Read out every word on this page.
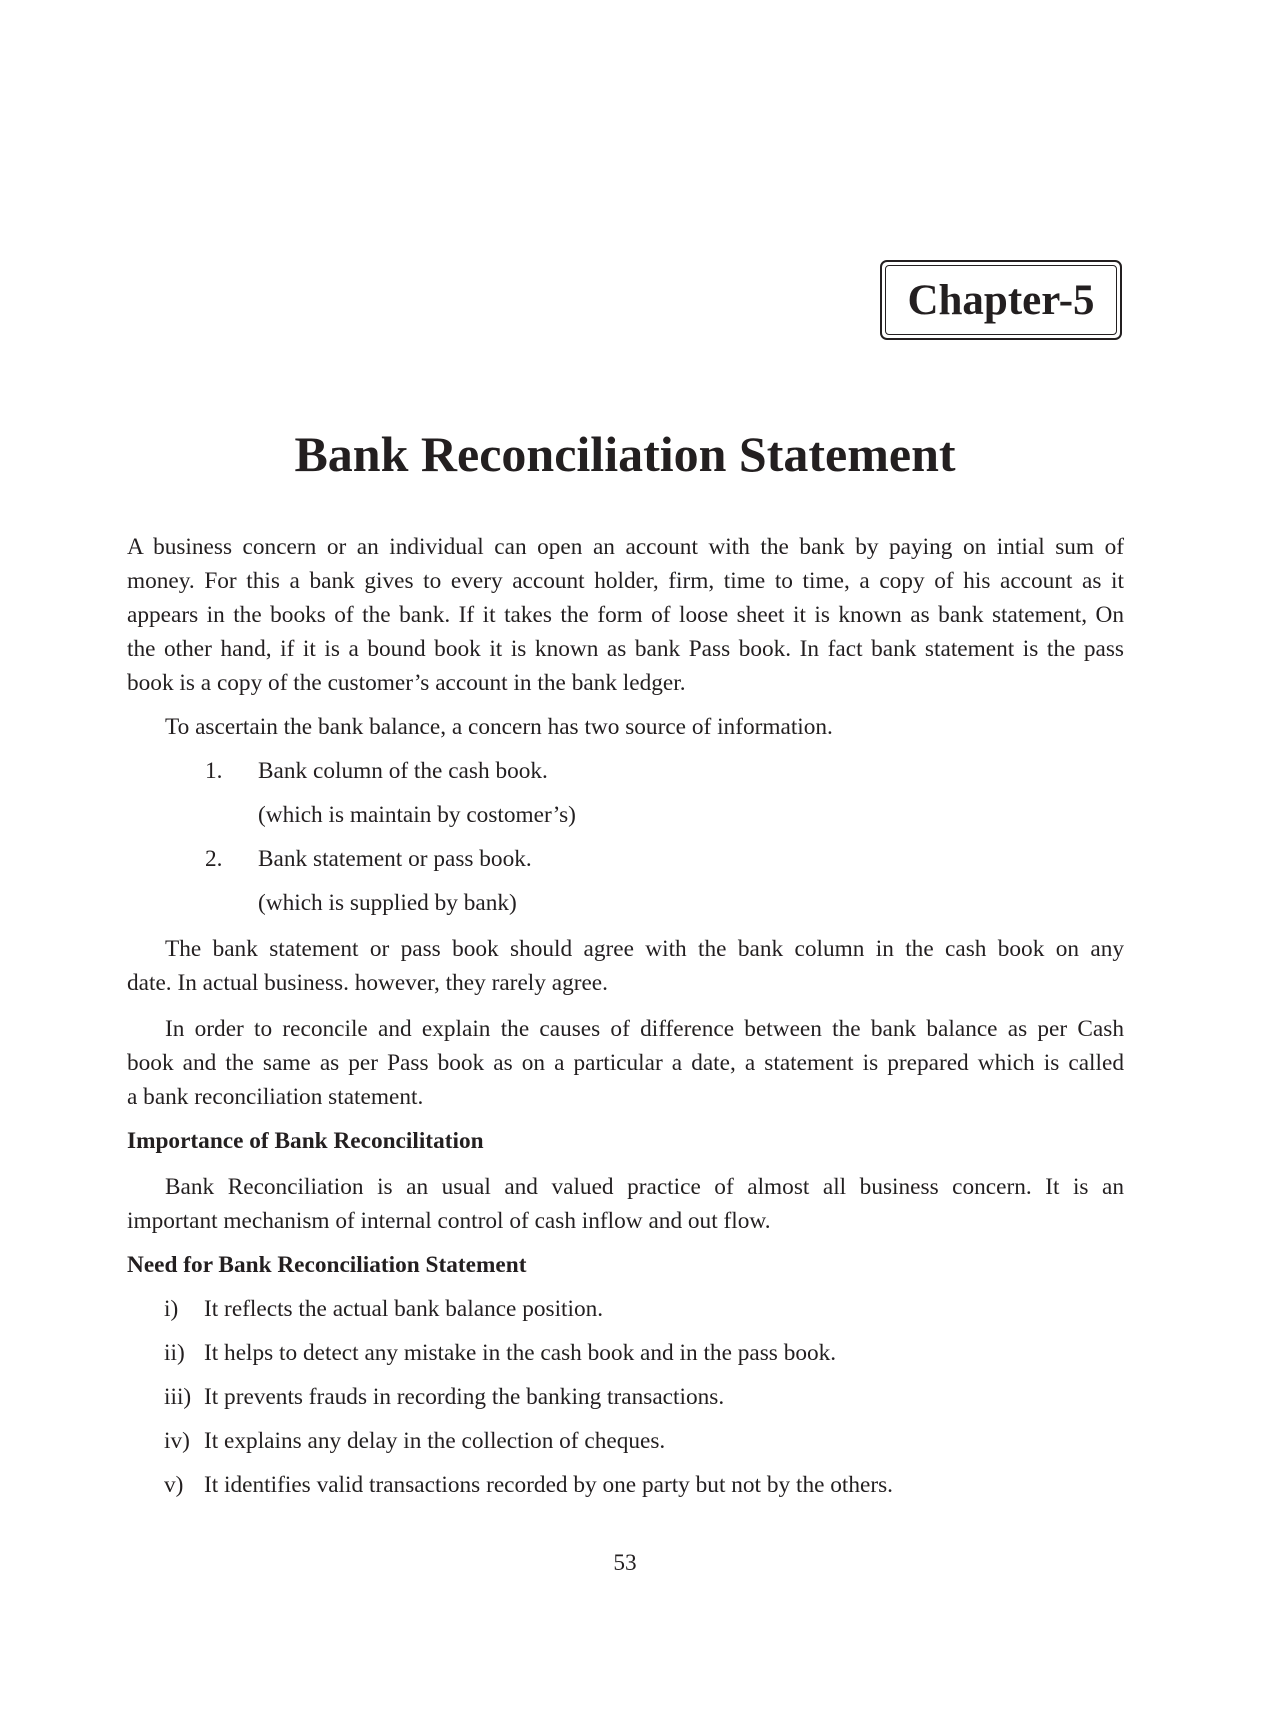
Chapter-5
Bank Reconciliation Statement
A business concern or an individual can open an account with the bank by paying on intial sum of
money. For this a bank gives to every account holder, firm, time to time, a copy of his account as it
appears in the books of the bank. If it takes the form of loose sheet it is known as bank statement, On
the other hand, if it is a bound book it is known as bank Pass book. In fact bank statement is the pass
book is a copy of the customer’s account in the bank ledger.
To ascertain the bank balance, a concern has two source of information.
1. Bank column of the cash book.
(which is maintain by costomer’s)
2. Bank statement or pass book.
(which is supplied by bank)
The bank statement or pass book should agree with the bank column in the cash book on any
date. In actual business. however, they rarely agree.
In order to reconcile and explain the causes of difference between the bank balance as per Cash
book and the same as per Pass book as on a particular a date, a statement is prepared which is called
a bank reconciliation statement.
Importance of Bank Reconcilitation
Bank Reconciliation is an usual and valued practice of almost all business concern. It is an
important mechanism of internal control of cash inflow and out flow.
Need for Bank Reconciliation Statement
i) It reflects the actual bank balance position.
ii) It helps to detect any mistake in the cash book and in the pass book.
iii) It prevents frauds in recording the banking transactions.
iv) It explains any delay in the collection of cheques.
v) It identifies valid transactions recorded by one party but not by the others.
53
